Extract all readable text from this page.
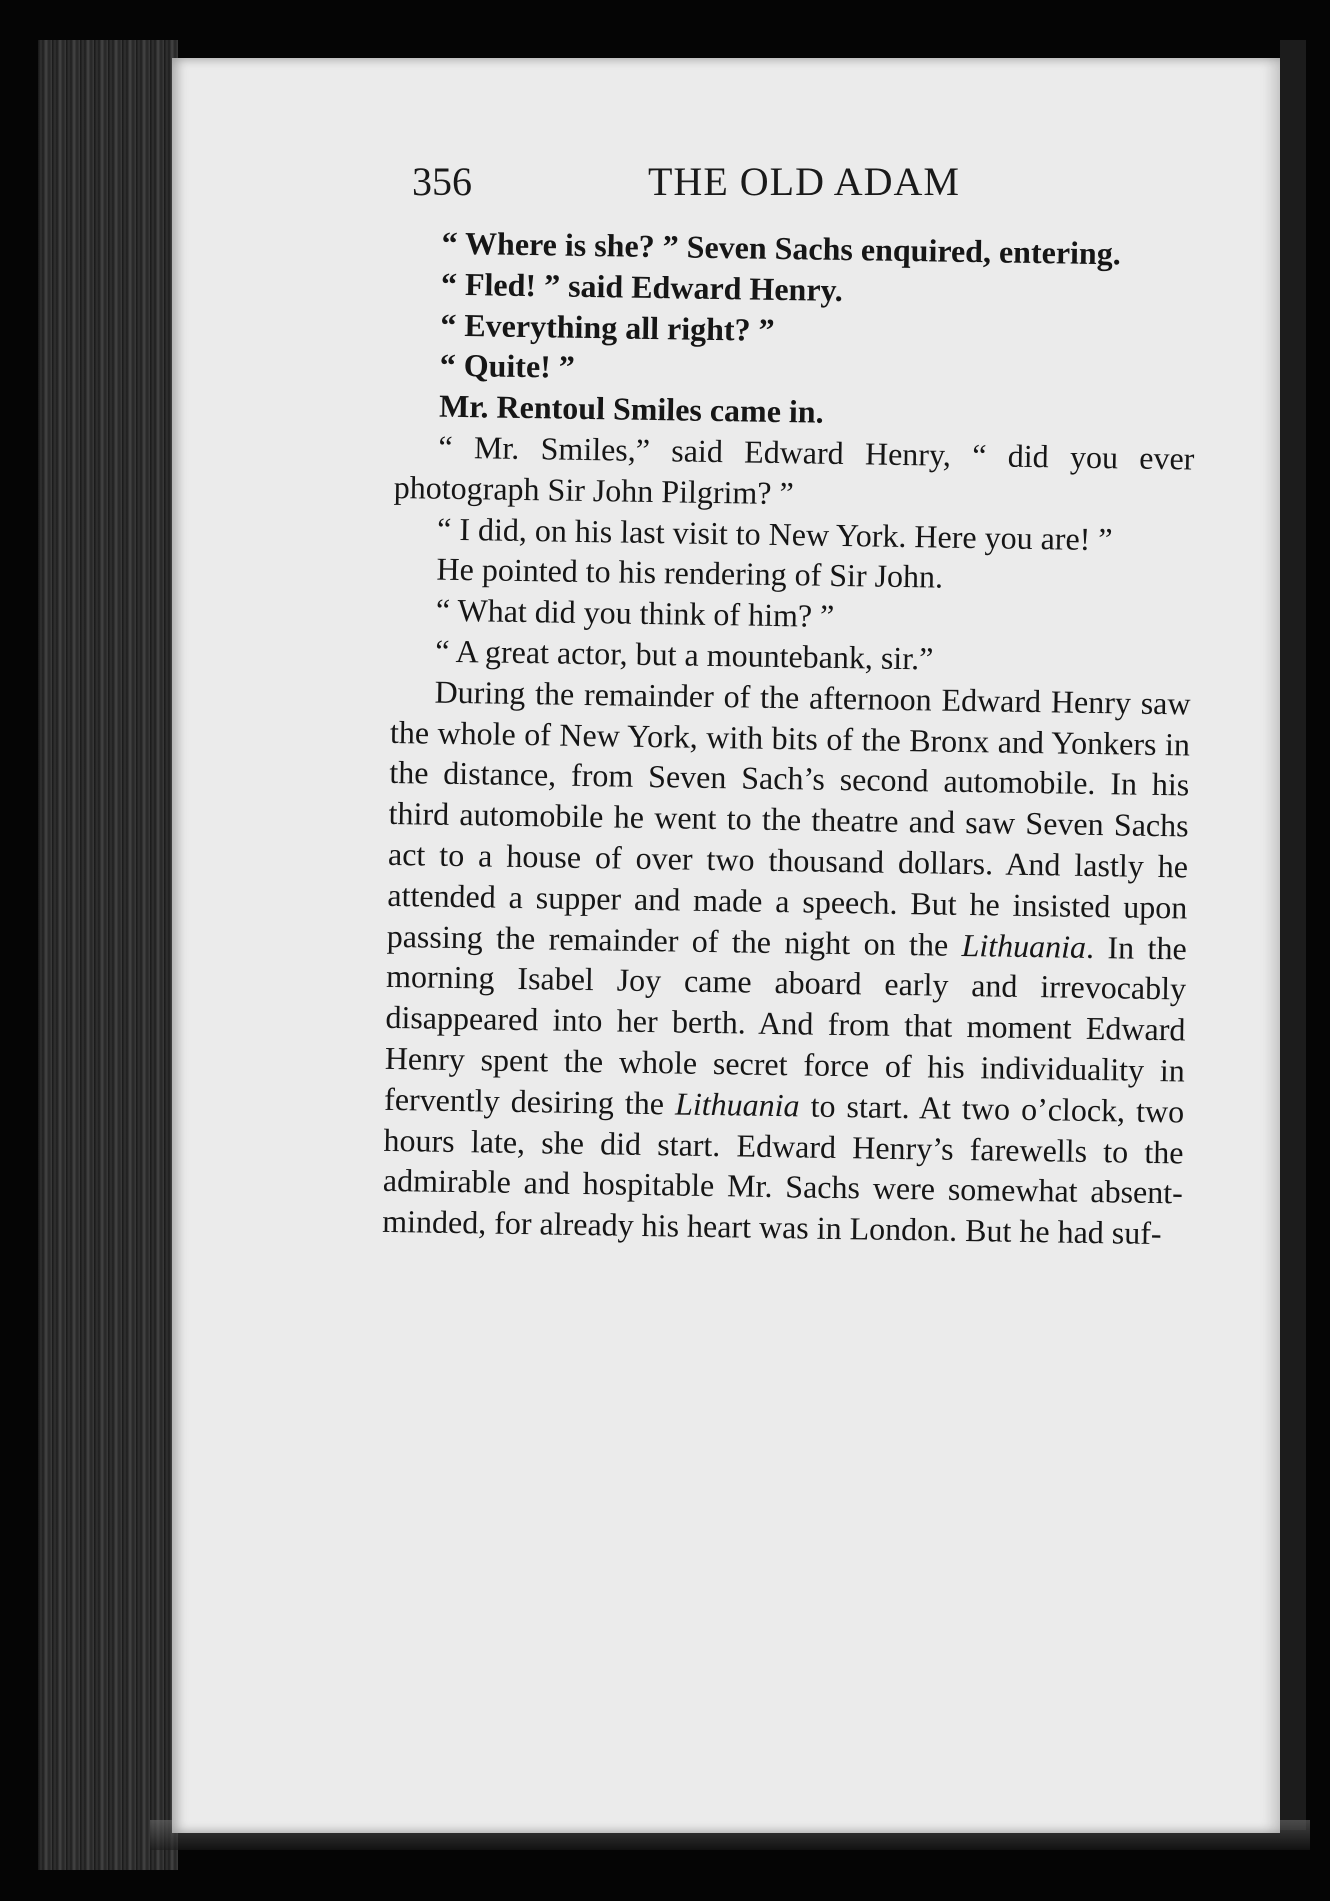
356	THE OLD ADAM

“ Where is she? ” Seven Sachs enquired, entering.

“ Fled! ” said Edward Henry.

“ Everything all right? ”

“ Quite! ”

Mr. Rentoul Smiles came in.

“ Mr. Smiles,” said Edward Henry, “ did you ever photograph Sir John Pilgrim? ”

“ I did, on his last visit to New York. Here you are! ”

He pointed to his rendering of Sir John.

“ What did you think of him? ”

“ A great actor, but a mountebank, sir.”

During the remainder of the afternoon Edward Henry saw the whole of New York, with bits of the Bronx and Yonkers in the distance, from Seven Sach’s second automobile. In his third automobile he went to the theatre and saw Seven Sachs act to a house of over two thousand dollars. And lastly he attended a supper and made a speech. But he insisted upon passing the remainder of the night on the Lithuania. In the morning Isabel Joy came aboard early and irrevocably disappeared into her berth. And from that moment Edward Henry spent the whole secret force of his individuality in fervently desiring the Lithuania to start. At two o’clock, two hours late, she did start. Edward Henry’s farewells to the admirable and hospitable Mr. Sachs were somewhat absent-minded, for already his heart was in London. But he had suf-
